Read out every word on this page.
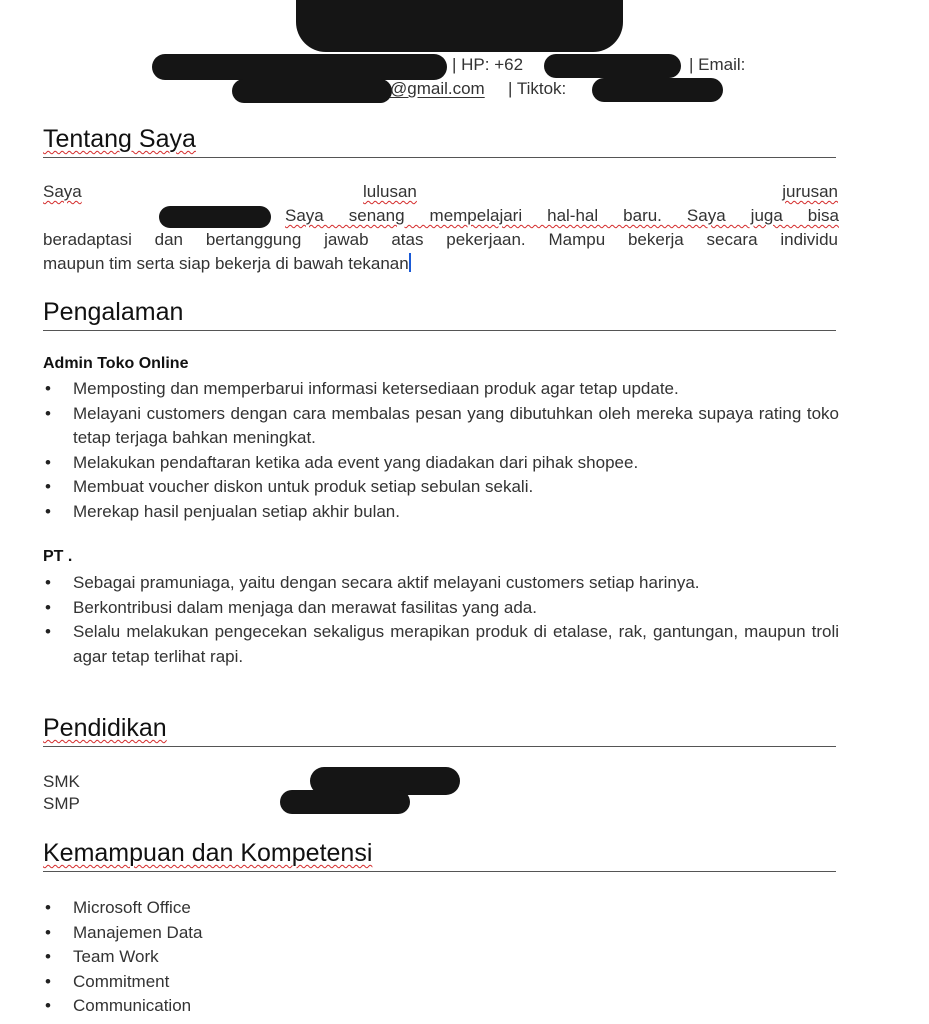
| HP: +62	| Email:
@gmail.com | Tiktok:
Tentang Saya
Saya	lulusan	jurusan
Saya senang mempelajari hal-hal baru. Saya juga bisa
beradaptasi dan bertanggung jawab atas pekerjaan. Mampu bekerja secara individu
maupun tim serta siap bekerja di bawah tekanan
Pengalaman
Admin Toko Online
• Memposting dan memperbarui informasi ketersediaan produk agar tetap update.
• Melayani customers dengan cara membalas pesan yang dibutuhkan oleh mereka supaya rating toko tetap terjaga bahkan meningkat.
• Melakukan pendaftaran ketika ada event yang diadakan dari pihak shopee.
• Membuat voucher diskon untuk produk setiap sebulan sekali.
• Merekap hasil penjualan setiap akhir bulan.
PT .
• Sebagai pramuniaga, yaitu dengan secara aktif melayani customers setiap harinya.
• Berkontribusi dalam menjaga dan merawat fasilitas yang ada.
• Selalu melakukan pengecekan sekaligus merapikan produk di etalase, rak, gantungan, maupun troli agar tetap terlihat rapi.
Pendidikan
SMK
SMP
Kemampuan dan Kompetensi
• Microsoft Office
• Manajemen Data
• Team Work
• Commitment
• Communication
